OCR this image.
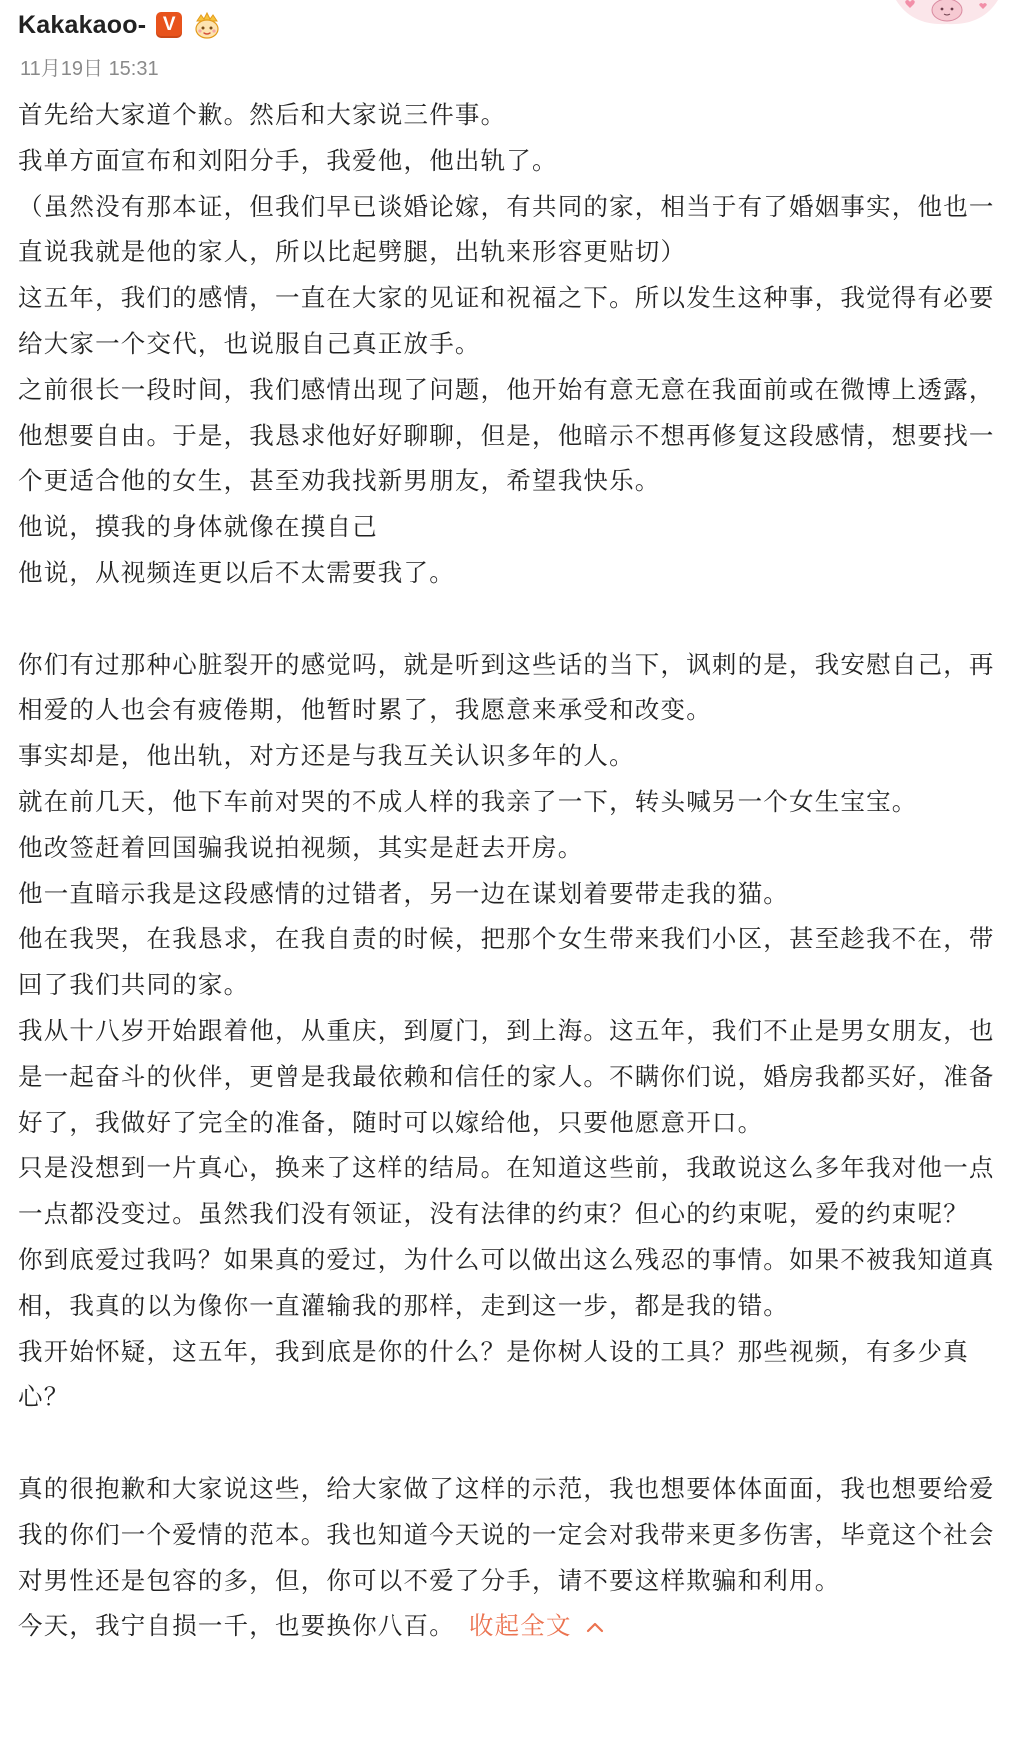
Kakakaoo- V
11月19日 15:31

首先给大家道个歉。然后和大家说三件事。

我单方面宣布和刘阳分手，我爱他，他出轨了。

（虽然没有那本证，但我们早已谈婚论嫁，有共同的家，相当于有了婚姻事实，他也一直说我就是他的家人，所以比起劈腿，出轨来形容更贴切）

这五年，我们的感情，一直在大家的见证和祝福之下。所以发生这种事，我觉得有必要给大家一个交代，也说服自己真正放手。

之前很长一段时间，我们感情出现了问题，他开始有意无意在我面前或在微博上透露，他想要自由。于是，我恳求他好好聊聊，但是，他暗示不想再修复这段感情，想要找一个更适合他的女生，甚至劝我找新男朋友，希望我快乐。

他说，摸我的身体就像在摸自己

他说，从视频连更以后不太需要我了。

你们有过那种心脏裂开的感觉吗，就是听到这些话的当下，讽刺的是，我安慰自己，再相爱的人也会有疲倦期，他暂时累了，我愿意来承受和改变。

事实却是，他出轨，对方还是与我互关认识多年的人。

就在前几天，他下车前对哭的不成人样的我亲了一下，转头喊另一个女生宝宝。

他改签赶着回国骗我说拍视频，其实是赶去开房。

他一直暗示我是这段感情的过错者，另一边在谋划着要带走我的猫。

他在我哭，在我恳求，在我自责的时候，把那个女生带来我们小区，甚至趁我不在，带回了我们共同的家。

我从十八岁开始跟着他，从重庆，到厦门，到上海。这五年，我们不止是男女朋友，也是一起奋斗的伙伴，更曾是我最依赖和信任的家人。不瞒你们说，婚房我都买好，准备好了，我做好了完全的准备，随时可以嫁给他，只要他愿意开口。

只是没想到一片真心，换来了这样的结局。在知道这些前，我敢说这么多年我对他一点一点都没变过。虽然我们没有领证，没有法律的约束？但心的约束呢，爱的约束呢？

你到底爱过我吗？如果真的爱过，为什么可以做出这么残忍的事情。如果不被我知道真相，我真的以为像你一直灌输我的那样，走到这一步，都是我的错。

我开始怀疑，这五年，我到底是你的什么？是你树人设的工具？那些视频，有多少真心？

真的很抱歉和大家说这些，给大家做了这样的示范，我也想要体体面面，我也想要给爱我的你们一个爱情的范本。我也知道今天说的一定会对我带来更多伤害，毕竟这个社会对男性还是包容的多，但，你可以不爱了分手，请不要这样欺骗和利用。

今天，我宁自损一千，也要换你八百。 收起全文
